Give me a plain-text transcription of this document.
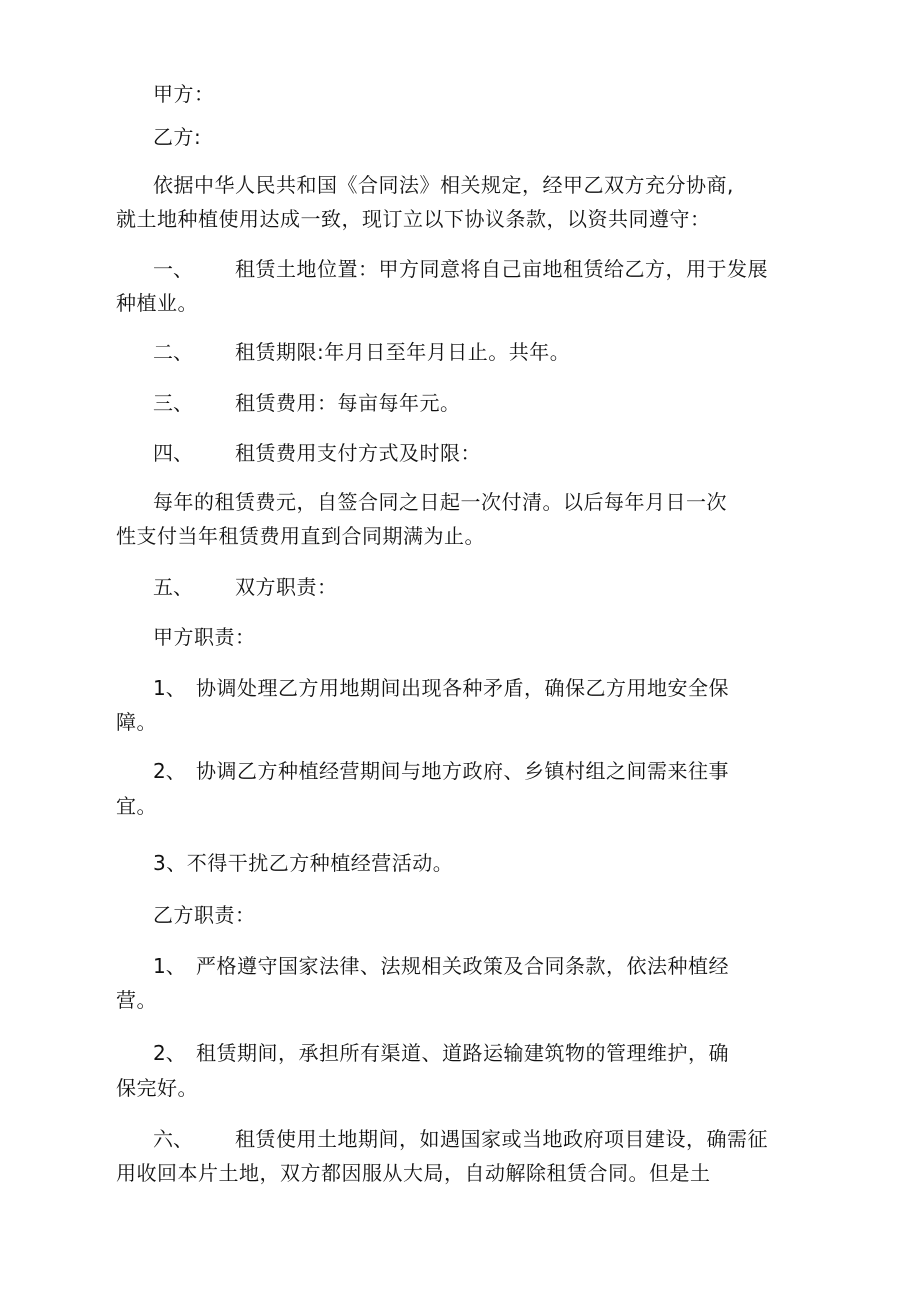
甲方：
乙方:
依据中华人民共和国《合同法》相关规定，经甲乙双方充分协商,
就土地种植使用达成一致，现订立以下协议条款，以资共同遵守：
一、 租赁土地位置：甲方同意将自己亩地租赁给乙方，用于发展
种植业。
二、 租赁期限:年月日至年月日止。共年。
三、 租赁费用：每亩每年元。
四、 租赁费用支付方式及时限：
每年的租赁费元，自签合同之日起一次付清。以后每年月日一次
性支付当年租赁费用直到合同期满为止。
五、 双方职责：
甲方职责：
1、 协调处理乙方用地期间出现各种矛盾，确保乙方用地安全保
障。
2、 协调乙方种植经营期间与地方政府、乡镇村组之间需来往事
宜。
3、不得干扰乙方种植经营活动。
乙方职责：
1、 严格遵守国家法律、法规相关政策及合同条款，依法种植经
营。
2、 租赁期间，承担所有渠道、道路运输建筑物的管理维护，确
保完好。
六、 租赁使用土地期间，如遇国家或当地政府项目建设，确需征
用收回本片土地，双方都因服从大局，自动解除租赁合同。但是土
